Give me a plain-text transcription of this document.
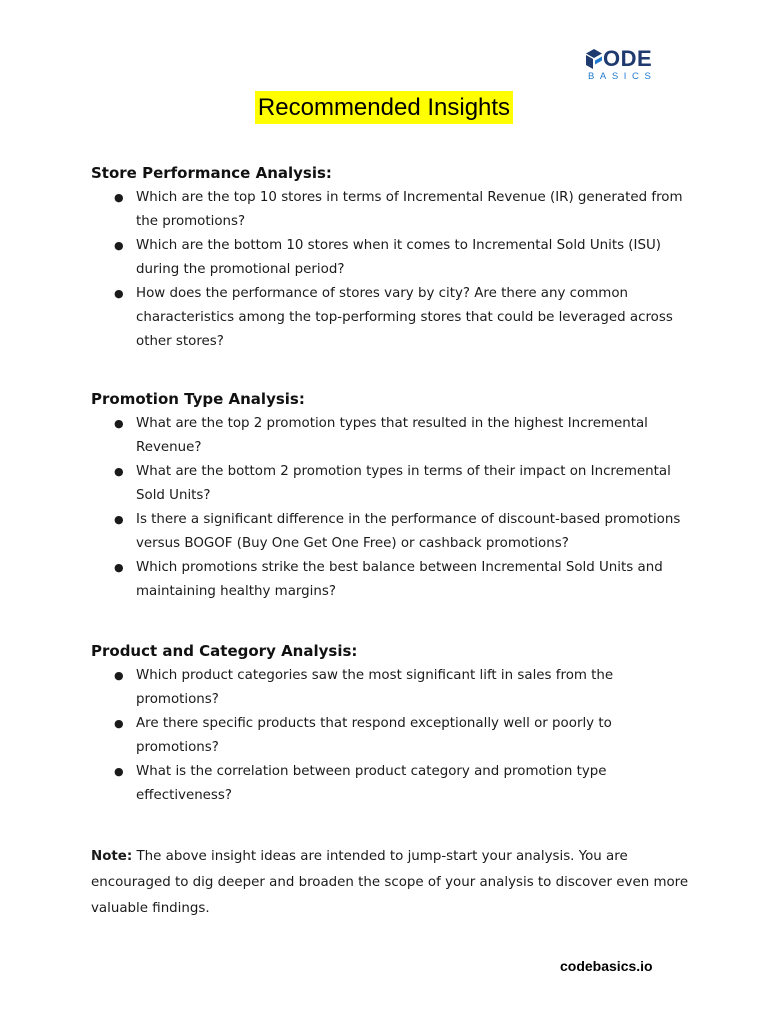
ODE
BASICS
Recommended Insights
Store Performance Analysis:
● Which are the top 10 stores in terms of Incremental Revenue (IR) generated from the promotions?
● Which are the bottom 10 stores when it comes to Incremental Sold Units (ISU) during the promotional period?
● How does the performance of stores vary by city? Are there any common characteristics among the top-performing stores that could be leveraged across other stores?
Promotion Type Analysis:
● What are the top 2 promotion types that resulted in the highest Incremental Revenue?
● What are the bottom 2 promotion types in terms of their impact on Incremental Sold Units?
● Is there a significant difference in the performance of discount-based promotions versus BOGOF (Buy One Get One Free) or cashback promotions?
● Which promotions strike the best balance between Incremental Sold Units and maintaining healthy margins?
Product and Category Analysis:
● Which product categories saw the most significant lift in sales from the promotions?
● Are there specific products that respond exceptionally well or poorly to promotions?
● What is the correlation between product category and promotion type effectiveness?

Note: The above insight ideas are intended to jump-start your analysis. You are encouraged to dig deeper and broaden the scope of your analysis to discover even more valuable findings.

codebasics.io
